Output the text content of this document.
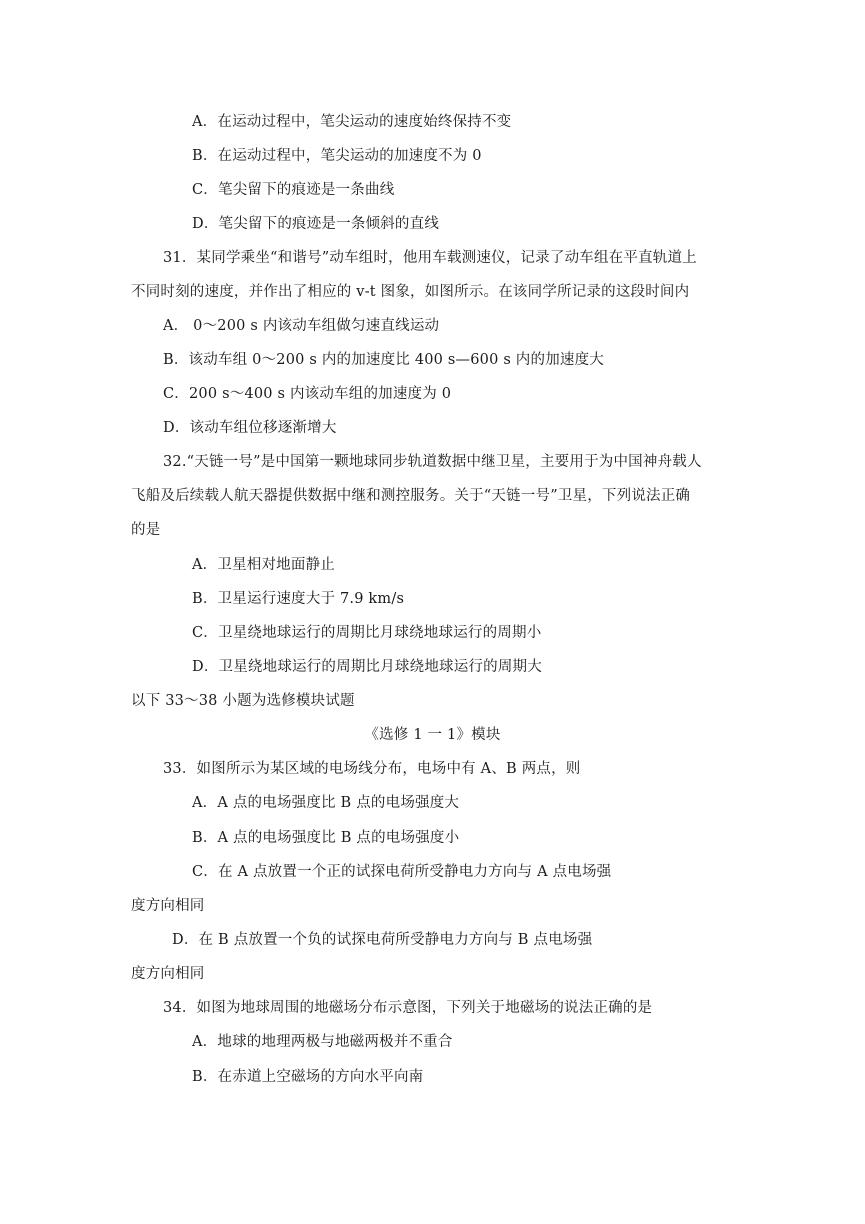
A．在运动过程中，笔尖运动的速度始终保持不变
B．在运动过程中，笔尖运动的加速度不为 0
C．笔尖留下的痕迹是一条曲线
D．笔尖留下的痕迹是一条倾斜的直线
31．某同学乘坐“和谐号”动车组时，他用车载测速仪，记录了动车组在平直轨道上
不同时刻的速度，并作出了相应的 v-t 图象，如图所示。在该同学所记录的这段时间内
A． 0～200 s 内该动车组做匀速直线运动
B．该动车组 0～200 s 内的加速度比 400 s—600 s 内的加速度大
C．200 s～400 s 内该动车组的加速度为 0
D．该动车组位移逐渐增大
32.“天链一号”是中国第一颗地球同步轨道数据中继卫星，主要用于为中国神舟载人
飞船及后续载人航天器提供数据中继和测控服务。关于“天链一号”卫星，下列说法正确
的是
A．卫星相对地面静止
B．卫星运行速度大于 7.9 km/s
C．卫星绕地球运行的周期比月球绕地球运行的周期小
D．卫星绕地球运行的周期比月球绕地球运行的周期大
以下 33～38 小题为选修模块试题
《选修 1 一 1》模块
33．如图所示为某区域的电场线分布，电场中有 A、B 两点，则
A．A 点的电场强度比 B 点的电场强度大
B．A 点的电场强度比 B 点的电场强度小
C．在 A 点放置一个正的试探电荷所受静电力方向与 A 点电场强
度方向相同
D．在 B 点放置一个负的试探电荷所受静电力方向与 B 点电场强
度方向相同
34．如图为地球周围的地磁场分布示意图，下列关于地磁场的说法正确的是
A．地球的地理两极与地磁两极并不重合
B．在赤道上空磁场的方向水平向南
